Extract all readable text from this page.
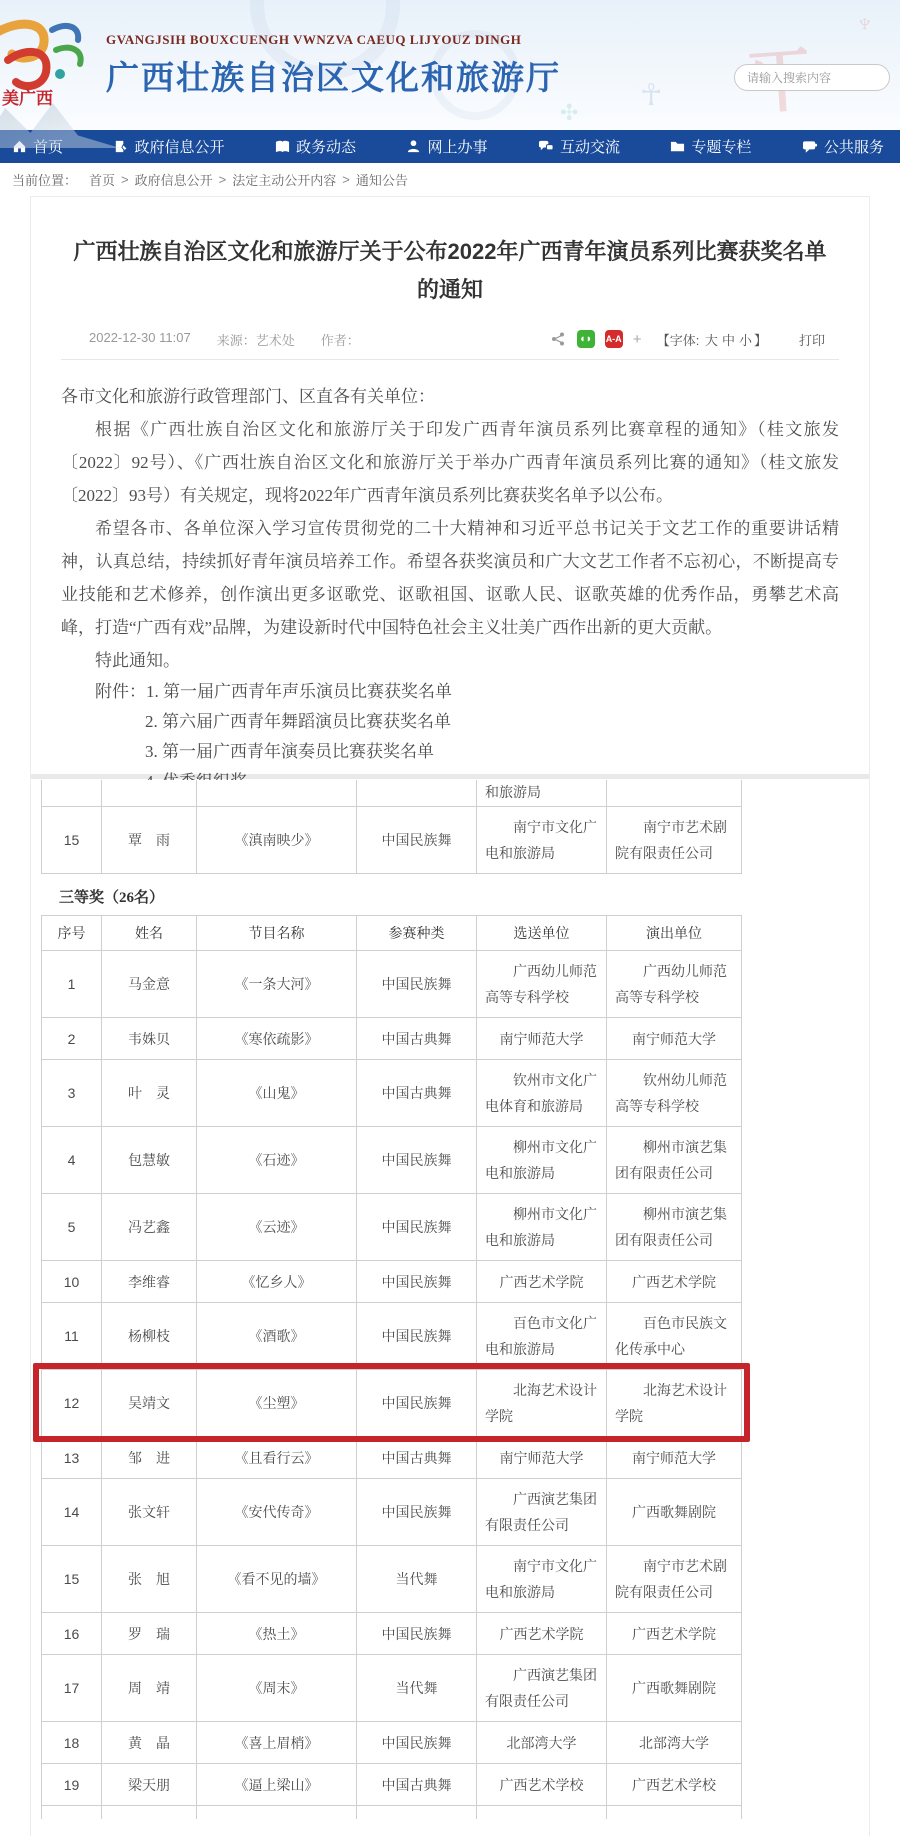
☥
♆
✣
美广西
GVANGJSIH BOUXCUENGH VWNZVA CAEUQ LIJYOUZ DINGH
广西壮族自治区文化和旅游厅
请输入搜索内容
首页	政府信息公开	政务动态	网上办事	互动交流	专题专栏	公共服务
当前位置： 首页 > 政府信息公开 > 法定主动公开内容 > 通知公告
广西壮族自治区文化和旅游厅关于公布2022年广西青年演员系列比赛获奖名单的通知
2022-12-30 11:07 来源：艺术处 作者：	◖◗ A-A +	【字体: 大 中 小 】 打印

各市文化和旅游行政管理部门、区直各有关单位：

根据《广西壮族自治区文化和旅游厅关于印发广西青年演员系列比赛章程的通知》（桂文旅发〔2022〕92号）、《广西壮族自治区文化和旅游厅关于举办广西青年演员系列比赛的通知》（桂文旅发〔2022〕93号）有关规定，现将2022年广西青年演员系列比赛获奖名单予以公布。

希望各市、各单位深入学习宣传贯彻党的二十大精神和习近平总书记关于文艺工作的重要讲话精神，认真总结，持续抓好青年演员培养工作。希望各获奖演员和广大文艺工作者不忘初心，不断提高专业技能和艺术修养，创作演出更多讴歌党、讴歌祖国、讴歌人民、讴歌英雄的优秀作品，勇攀艺术高峰，打造“广西有戏”品牌，为建设新时代中国特色社会主义壮美广西作出新的更大贡献。

特此通知。

附件：1. 第一届广西青年声乐演员比赛获奖名单
2. 第六届广西青年舞蹈演员比赛获奖名单
3. 第一届广西青年演奏员比赛获奖名单
				和旅游局	
15	覃　雨	《滇南映少》	中国民族舞	南宁市文化广电和旅游局	南宁市艺术剧院有限责任公司
三等奖（26名）
序号	姓名	节目名称	参赛种类	选送单位	演出单位
1	马金意	《一条大河》	中国民族舞	广西幼儿师范高等专科学校	广西幼儿师范高等专科学校
2	韦姝贝	《寒依疏影》	中国古典舞	南宁师范大学	南宁师范大学
3	叶　灵	《山鬼》	中国古典舞	钦州市文化广电体育和旅游局	钦州幼儿师范高等专科学校
4	包慧敏	《石迹》	中国民族舞	柳州市文化广电和旅游局	柳州市演艺集团有限责任公司
5	冯艺鑫	《云迹》	中国民族舞	柳州市文化广电和旅游局	柳州市演艺集团有限责任公司
10	李维睿	《忆乡人》	中国民族舞	广西艺术学院	广西艺术学院
11	杨柳枝	《酒歌》	中国民族舞	百色市文化广电和旅游局	百色市民族文化传承中心
12	吴靖文	《尘塑》	中国民族舞	北海艺术设计学院	北海艺术设计学院
13	邹　进	《且看行云》	中国古典舞	南宁师范大学	南宁师范大学
14	张文轩	《安代传奇》	中国民族舞	广西演艺集团有限责任公司	广西歌舞剧院
15	张　旭	《看不见的墙》	当代舞	南宁市文化广电和旅游局	南宁市艺术剧院有限责任公司
16	罗　瑞	《热土》	中国民族舞	广西艺术学院	广西艺术学院
17	周　靖	《周末》	当代舞	广西演艺集团有限责任公司	广西歌舞剧院
18	黄　晶	《喜上眉梢》	中国民族舞	北部湾大学	北部湾大学
19	梁天朋	《逼上梁山》	中国古典舞	广西艺术学校	广西艺术学校
